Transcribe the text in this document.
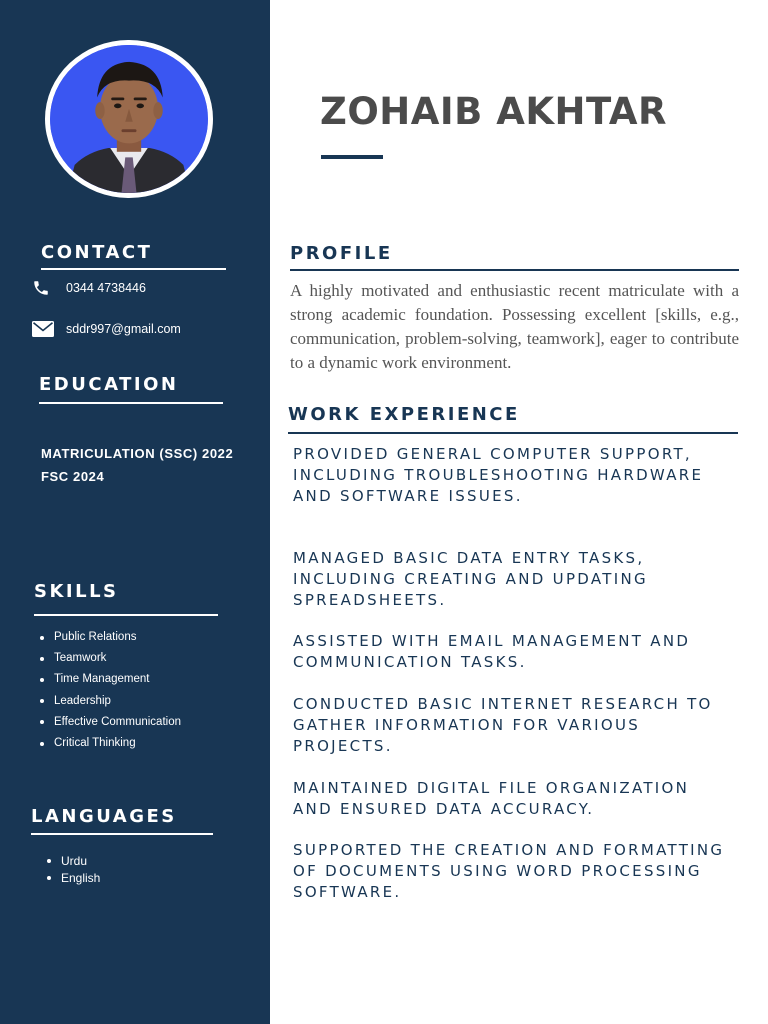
CONTACT
0344 4738446
sddr997@gmail.com
EDUCATION
MATRICULATION (SSC) 2022
FSC 2024
SKILLS
Public Relations
Teamwork
Time Management
Leadership
Effective Communication
Critical Thinking
LANGUAGES
Urdu
English
ZOHAIB AKHTAR
PROFILE

A highly motivated and enthusiastic recent matriculate with a strong academic foundation. Possessing excellent [skills, e.g., communication, problem-solving, teamwork], eager to contribute to a dynamic work environment.

WORK EXPERIENCE
PROVIDED GENERAL COMPUTER SUPPORT, INCLUDING TROUBLESHOOTING HARDWARE AND SOFTWARE ISSUES.
MANAGED BASIC DATA ENTRY TASKS, INCLUDING CREATING AND UPDATING SPREADSHEETS.
ASSISTED WITH EMAIL MANAGEMENT AND COMMUNICATION TASKS.
CONDUCTED BASIC INTERNET RESEARCH TO GATHER INFORMATION FOR VARIOUS PROJECTS.
MAINTAINED DIGITAL FILE ORGANIZATION AND ENSURED DATA ACCURACY.
SUPPORTED THE CREATION AND FORMATTING OF DOCUMENTS USING WORD PROCESSING SOFTWARE.
